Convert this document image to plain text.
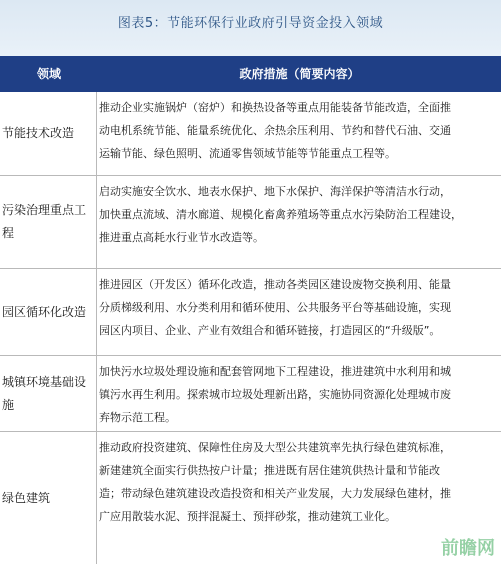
图表5：节能环保行业政府引导资金投入领域
领域	政府措施（简要内容）
节能技术改造
推动企业实施锅炉（窑炉）和换热设备等重点用能装备节能改造，全面推
动电机系统节能、能量系统优化、余热余压利用、节约和替代石油、交通
运输节能、绿色照明、流通零售领域节能等节能重点工程等。
污染治理重点工
程
启动实施安全饮水、地表水保护、地下水保护、海洋保护等清洁水行动，
加快重点流域、清水廊道、规模化畜禽养殖场等重点水污染防治工程建设，
推进重点高耗水行业节水改造等。
园区循环化改造
推进园区（开发区）循环化改造，推动各类园区建设废物交换利用、能量
分质梯级利用、水分类利用和循环使用、公共服务平台等基础设施，实现
园区内项目、企业、产业有效组合和循环链接，打造园区的“升级版”。
城镇环境基础设
施
加快污水垃圾处理设施和配套管网地下工程建设，推进建筑中水利用和城
镇污水再生利用。探索城市垃圾处理新出路，实施协同资源化处理城市废
弃物示范工程。
绿色建筑
推动政府投资建筑、保障性住房及大型公共建筑率先执行绿色建筑标准，
新建建筑全面实行供热按户计量；推进既有居住建筑供热计量和节能改
造；带动绿色建筑建设改造投资和相关产业发展，大力发展绿色建材，推
广应用散装水泥、预拌混凝土、预拌砂浆，推动建筑工业化。
前瞻网
